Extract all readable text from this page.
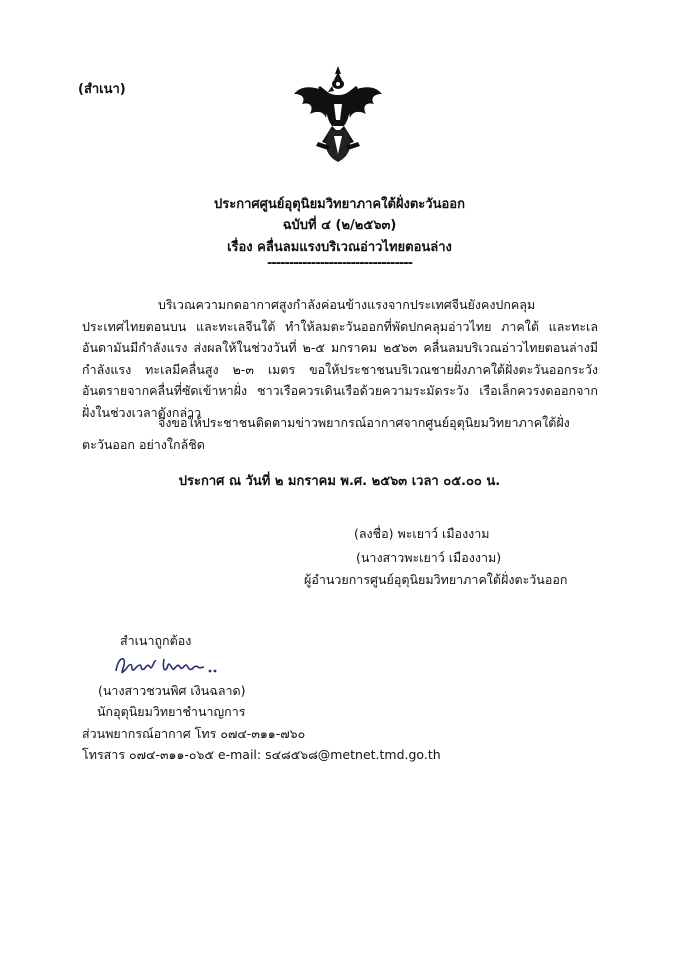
(สำเนา)
ประกาศศูนย์อุตุนิยมวิทยาภาคใต้ฝั่งตะวันออก
ฉบับที่ ๔ (๒/๒๕๖๓)
เรื่อง คลื่นลมแรงบริเวณอ่าวไทยตอนล่าง
---------------------------------
บริเวณความกดอากาศสูงกำลังค่อนข้างแรงจากประเทศจีนยังคงปกคลุมประเทศไทยตอนบน และทะเลจีนใต้ ทำให้ลมตะวันออกที่พัดปกคลุมอ่าวไทย ภาคใต้ และทะเลอันดามันมีกำลังแรง ส่งผลให้ในช่วงวันที่ ๒-๕ มกราคม ๒๕๖๓ คลื่นลมบริเวณอ่าวไทยตอนล่างมีกำลังแรง ทะเลมีคลื่นสูง ๒-๓ เมตร ขอให้ประชาชนบริเวณชายฝั่งภาคใต้ฝั่งตะวันออกระวังอันตรายจากคลื่นที่ซัดเข้าหาฝั่ง ชาวเรือควรเดินเรือด้วยความระมัดระวัง เรือเล็กควรงดออกจากฝั่งในช่วงเวลาดังกล่าว
จึงขอให้ประชาชนติดตามข่าวพยากรณ์อากาศจากศูนย์อุตุนิยมวิทยาภาคใต้ฝั่งตะวันออก อย่างใกล้ชิด
ประกาศ ณ วันที่ ๒ มกราคม พ.ศ. ๒๕๖๓ เวลา ๐๕.๐๐ น.
(ลงชื่อ) พะเยาว์ เมืองงาม
(นางสาวพะเยาว์ เมืองงาม)
ผู้อำนวยการศูนย์อุตุนิยมวิทยาภาคใต้ฝั่งตะวันออก
สำเนาถูกต้อง
(นางสาวชวนพิศ เงินฉลาด)
นักอุตุนิยมวิทยาชำนาญการ
ส่วนพยากรณ์อากาศ โทร ๐๗๔-๓๑๑-๗๖๐
โทรสาร ๐๗๔-๓๑๑-๐๖๕ e-mail: s๔๘๕๖๘@metnet.tmd.go.th
